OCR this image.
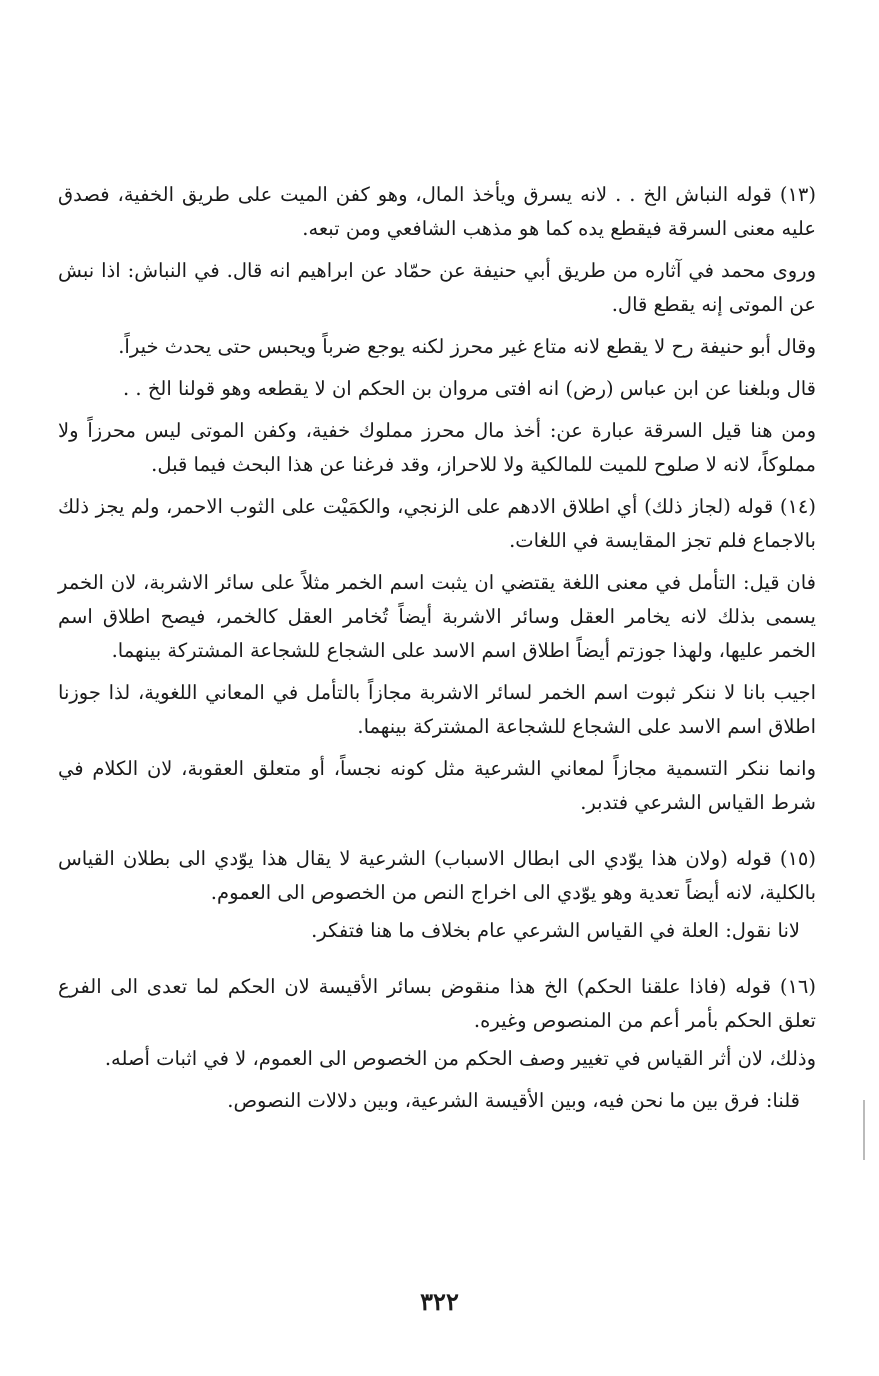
(١٣) قوله النباش الخ . . لانه يسرق ويأخذ المال، وهو كفن الميت على طريق الخفية، فصدق عليه معنى السرقة فيقطع يده كما هو مذهب الشافعي ومن تبعه.

وروى محمد في آثاره من طريق أبي حنيفة عن حمّاد عن ابراهيم انه قال. في النباش: اذا نبش عن الموتى إنه يقطع قال.

وقال أبو حنيفة رح لا يقطع لانه متاع غير محرز لكنه يوجع ضرباً ويحبس حتى يحدث خيراً.

قال وبلغنا عن ابن عباس (رض) انه افتى مروان بن الحكم ان لا يقطعه وهو قولنا الخ . .

ومن هنا قيل السرقة عبارة عن: أخذ مال محرز مملوك خفية، وكفن الموتى ليس محرزاً ولا مملوكاً، لانه لا صلوح للميت للمالكية ولا للاحراز، وقد فرغنا عن هذا البحث فيما قبل.

(١٤) قوله (لجاز ذلك) أي اطلاق الادهم على الزنجي، والكمَيْت على الثوب الاحمر، ولم يجز ذلك بالاجماع فلم تجز المقايسة في اللغات.

فان قيل: التأمل في معنى اللغة يقتضي ان يثبت اسم الخمر مثلاً على سائر الاشربة، لان الخمر يسمى بذلك لانه يخامر العقل وسائر الاشربة أيضاً تُخامر العقل كالخمر، فيصح اطلاق اسم الخمر عليها، ولهذا جوزتم أيضاً اطلاق اسم الاسد على الشجاع للشجاعة المشتركة بينهما.

اجيب بانا لا ننكر ثبوت اسم الخمر لسائر الاشربة مجازاً بالتأمل في المعاني اللغوية، لذا جوزنا اطلاق اسم الاسد على الشجاع للشجاعة المشتركة بينهما.

وانما ننكر التسمية مجازاً لمعاني الشرعية مثل كونه نجساً، أو متعلق العقوبة، لان الكلام في شرط القياس الشرعي فتدبر.

(١٥) قوله (ولان هذا يوّدي الى ابطال الاسباب) الشرعية لا يقال هذا يوّدي الى بطلان القياس بالكلية، لانه أيضاً تعدية وهو يوّدي الى اخراج النص من الخصوص الى العموم.

لانا نقول: العلة في القياس الشرعي عام بخلاف ما هنا فتفكر.

(١٦) قوله (فاذا علقنا الحكم) الخ هذا منقوض بسائر الأقيسة لان الحكم لما تعدى الى الفرع تعلق الحكم بأمر أعم من المنصوص وغيره.

وذلك، لان أثر القياس في تغيير وصف الحكم من الخصوص الى العموم، لا في اثبات أصله.

قلنا: فرق بين ما نحن فيه، وبين الأقيسة الشرعية، وبين دلالات النصوص.

٣٢٢
